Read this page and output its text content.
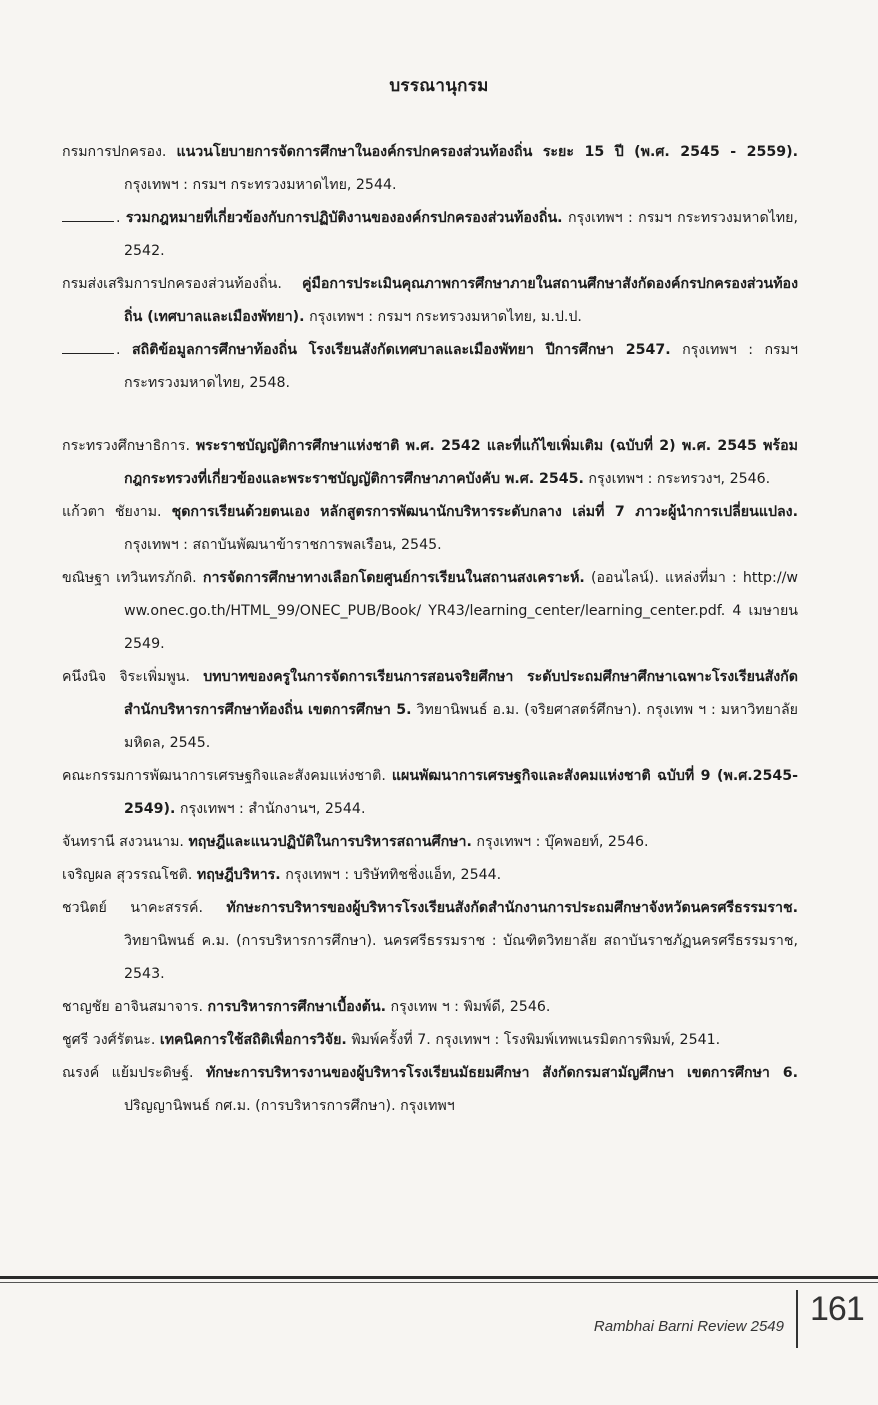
บรรณานุกรม
กรมการปกครอง. แนวนโยบายการจัดการศึกษาในองค์กรปกครองส่วนท้องถิ่น ระยะ 15 ปี (พ.ศ. 2545 - 2559). กรุงเทพฯ : กรมฯ กระทรวงมหาดไทย, 2544.
. รวมกฎหมายที่เกี่ยวข้องกับการปฏิบัติงานขององค์กรปกครองส่วนท้องถิ่น. กรุงเทพฯ : กรมฯ กระทรวงมหาดไทย, 2542.
กรมส่งเสริมการปกครองส่วนท้องถิ่น. คู่มือการประเมินคุณภาพการศึกษาภายในสถานศึกษาสังกัดองค์กรปกครองส่วนท้องถิ่น (เทศบาลและเมืองพัทยา). กรุงเทพฯ : กรมฯ กระทรวงมหาดไทย, ม.ป.ป.
. สถิติข้อมูลการศึกษาท้องถิ่น โรงเรียนสังกัดเทศบาลและเมืองพัทยา ปีการศึกษา 2547. กรุงเทพฯ : กรมฯ กระทรวงมหาดไทย, 2548.
กระทรวงศึกษาธิการ. พระราชบัญญัติการศึกษาแห่งชาติ พ.ศ. 2542 และที่แก้ไขเพิ่มเติม (ฉบับที่ 2) พ.ศ. 2545 พร้อมกฎกระทรวงที่เกี่ยวข้องและพระราชบัญญัติการศึกษาภาคบังคับ พ.ศ. 2545. กรุงเทพฯ : กระทรวงฯ, 2546.
แก้วตา ชัยงาม. ชุดการเรียนด้วยตนเอง หลักสูตรการพัฒนานักบริหารระดับกลาง เล่มที่ 7 ภาวะผู้นำการเปลี่ยนแปลง. กรุงเทพฯ : สถาบันพัฒนาข้าราชการพลเรือน, 2545.
ขณิษฐา เทวินทรภักดิ. การจัดการศึกษาทางเลือกโดยศูนย์การเรียนในสถานสงเคราะห์. (ออนไลน์). แหล่งที่มา : http://www.onec.go.th/HTML_99/ONEC_PUB/Book/ YR43/learning_center/learning_center.pdf. 4 เมษายน 2549.
คนึงนิจ จิระเพิ่มพูน. บทบาทของครูในการจัดการเรียนการสอนจริยศึกษา ระดับประถมศึกษาศึกษาเฉพาะโรงเรียนสังกัดสำนักบริหารการศึกษาท้องถิ่น เขตการศึกษา 5. วิทยานิพนธ์ อ.ม. (จริยศาสตร์ศึกษา). กรุงเทพ ฯ : มหาวิทยาลัยมหิดล, 2545.
คณะกรรมการพัฒนาการเศรษฐกิจและสังคมแห่งชาติ. แผนพัฒนาการเศรษฐกิจและสังคมแห่งชาติ ฉบับที่ 9 (พ.ศ.2545-2549). กรุงเทพฯ : สำนักงานฯ, 2544.
จันทรานี สงวนนาม. ทฤษฎีและแนวปฏิบัติในการบริหารสถานศึกษา. กรุงเทพฯ : บุ๊คพอยท์, 2546.
เจริญผล สุวรรณโชติ. ทฤษฎีบริหาร. กรุงเทพฯ : บริษัททิชชิ่งแอ็ท, 2544.
ชวนิตย์ นาคะสรรค์. ทักษะการบริหารของผู้บริหารโรงเรียนสังกัดสำนักงานการประถมศึกษาจังหวัดนครศรีธรรมราช. วิทยานิพนธ์ ค.ม. (การบริหารการศึกษา). นครศรีธรรมราช : บัณฑิตวิทยาลัย สถาบันราชภัฏนครศรีธรรมราช, 2543.
ชาญชัย อาจินสมาจาร. การบริหารการศึกษาเบื้องต้น. กรุงเทพ ฯ : พิมพ์ดี, 2546.
ชูศรี วงศ์รัตนะ. เทคนิคการใช้สถิติเพื่อการวิจัย. พิมพ์ครั้งที่ 7. กรุงเทพฯ : โรงพิมพ์เทพเนรมิตการพิมพ์, 2541.
ณรงค์ แย้มประดิษฐ์. ทักษะการบริหารงานของผู้บริหารโรงเรียนมัธยมศึกษา สังกัดกรมสามัญศึกษา เขตการศึกษา 6. ปริญญานิพนธ์ กศ.ม. (การบริหารการศึกษา). กรุงเทพฯ
Rambhai Barni Review 2549 161
